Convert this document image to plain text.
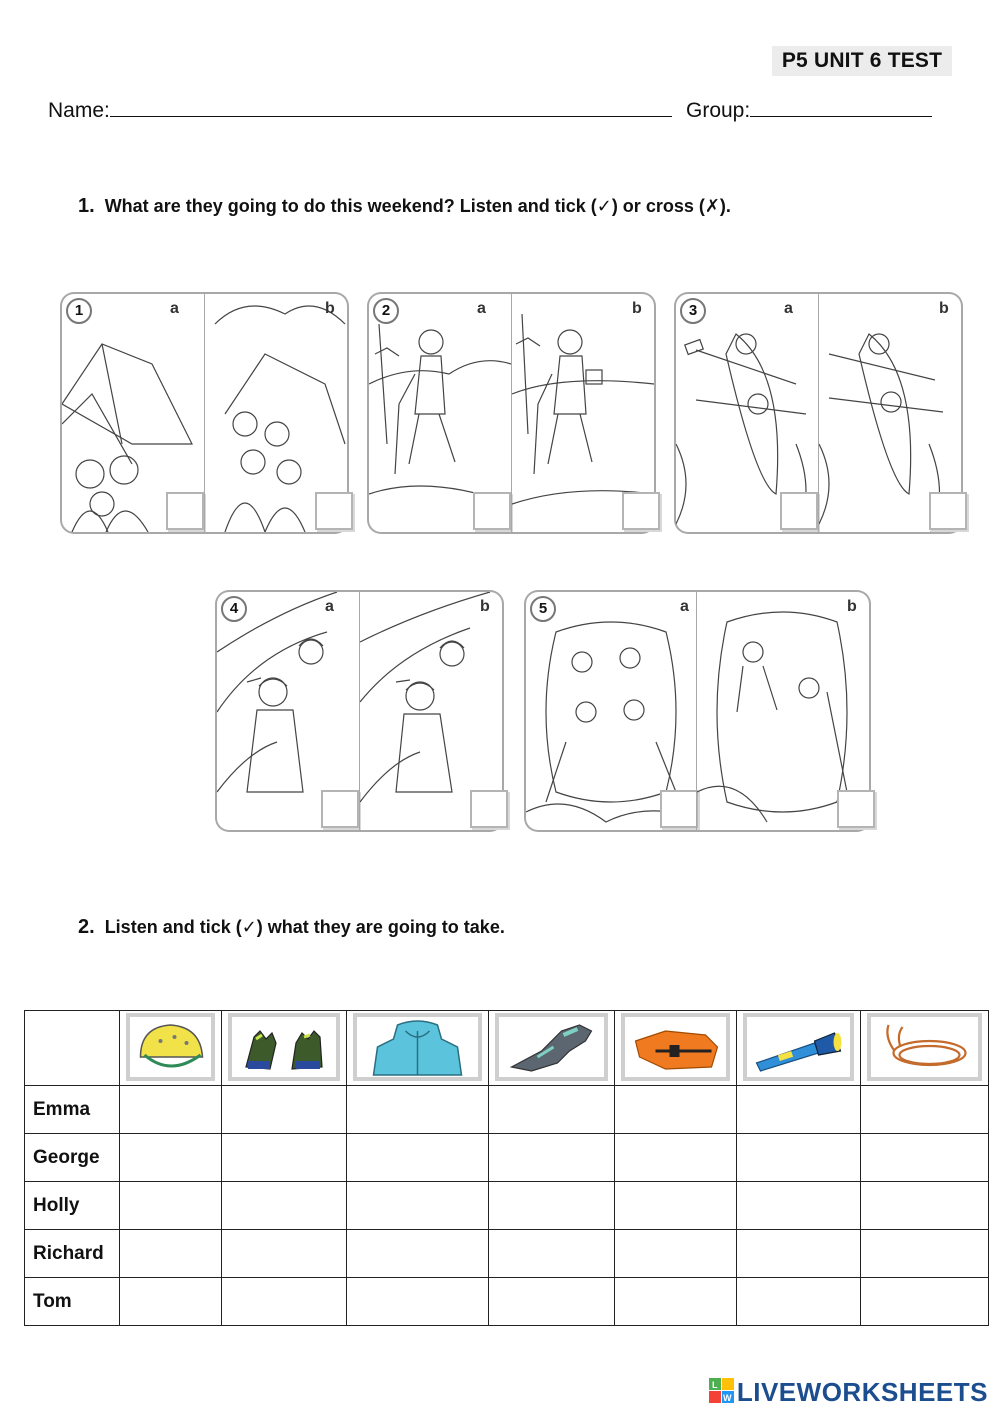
P5 UNIT 6 TEST
Name:	Group:
1. What are they going to do this weekend? Listen and tick (✓) or cross (✗).
1	a	b	2	a	b	3	a	b
4	a	b	5	a	b
2. Listen and tick (✓) what they are going to take.

Emma							
George							
Holly							
Richard							
Tom							
L
W LIVEWORKSHEETS
